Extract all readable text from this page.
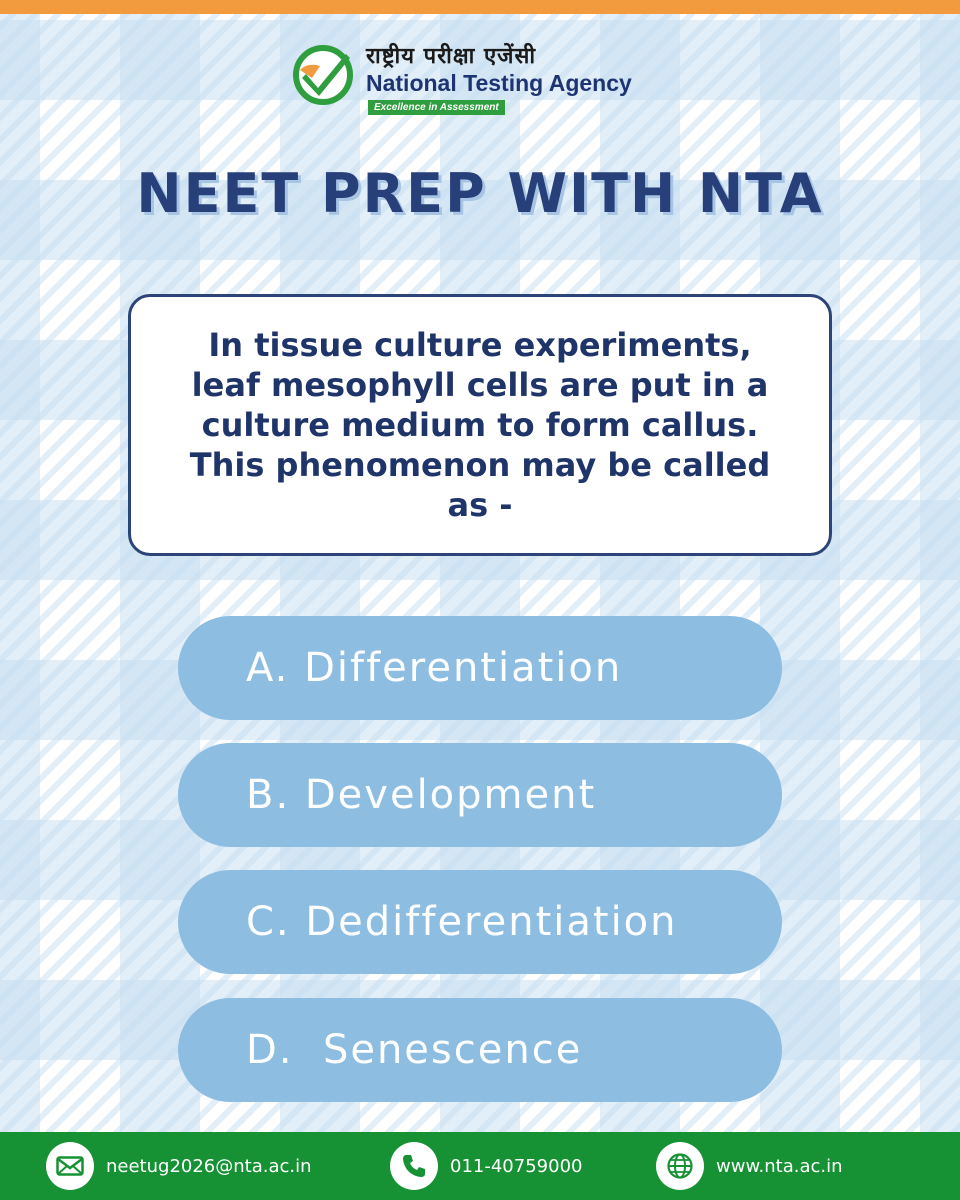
राष्ट्रीय परीक्षा एजेंसी
National Testing Agency
Excellence in Assessment
NEET PREP WITH NTA

In tissue culture experiments, leaf mesophyll cells are put in a culture medium to form callus. This phenomenon may be called as -

A. Differentiation
B. Development
C. Dedifferentiation
D.  Senescence
neetug2026@nta.ac.in	011-40759000	www.nta.ac.in
